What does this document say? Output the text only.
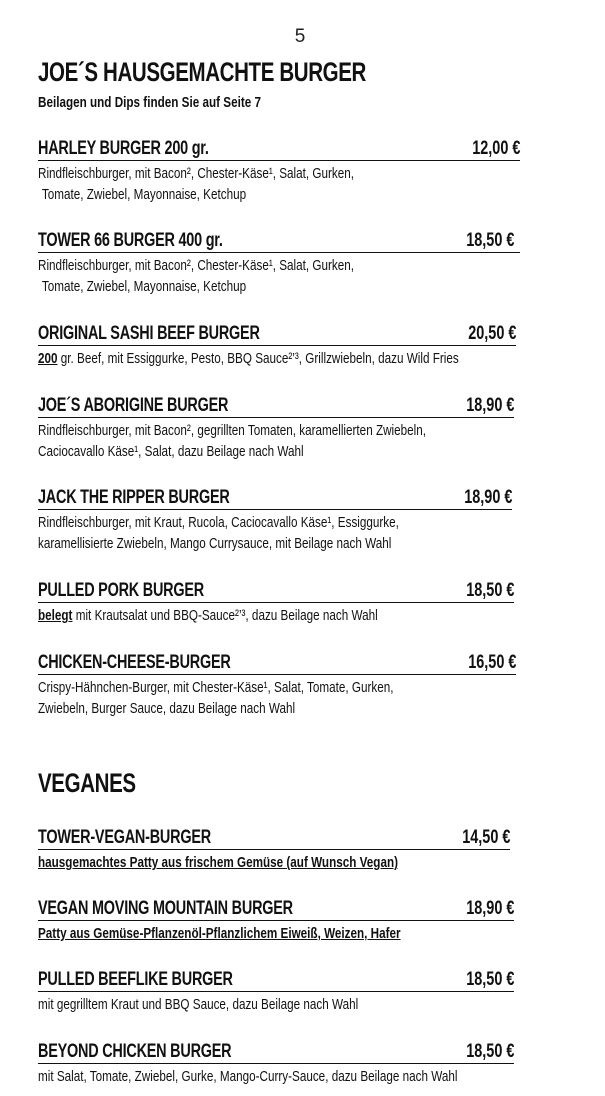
5
JOE´S HAUSGEMACHTE BURGER
Beilagen und Dips finden Sie auf Seite 7
HARLEY BURGER 200 gr.	12,00 €
Rindfleischburger, mit Bacon², Chester-Käse¹, Salat, Gurken,
Tomate, Zwiebel, Mayonnaise, Ketchup
TOWER 66 BURGER 400 gr.	18,50 €
Rindfleischburger, mit Bacon², Chester-Käse¹, Salat, Gurken,
Tomate, Zwiebel, Mayonnaise, Ketchup
ORIGINAL SASHI BEEF BURGER	20,50 €
200 gr. Beef, mit Essiggurke, Pesto, BBQ Sauce²’³, Grillzwiebeln, dazu Wild Fries
JOE´S ABORIGINE BURGER	18,90 €
Rindfleischburger, mit Bacon², gegrillten Tomaten, karamellierten Zwiebeln,
Caciocavallo Käse¹, Salat, dazu Beilage nach Wahl
JACK THE RIPPER BURGER	18,90 €
Rindfleischburger, mit Kraut, Rucola, Caciocavallo Käse¹, Essiggurke,
karamellisierte Zwiebeln, Mango Currysauce, mit Beilage nach Wahl
PULLED PORK BURGER	18,50 €
belegt mit Krautsalat und BBQ-Sauce²’³, dazu Beilage nach Wahl
CHICKEN-CHEESE-BURGER	16,50 €
Crispy-Hähnchen-Burger, mit Chester-Käse¹, Salat, Tomate, Gurken,
Zwiebeln, Burger Sauce, dazu Beilage nach Wahl
VEGANES
TOWER-VEGAN-BURGER	14,50 €
hausgemachtes Patty aus frischem Gemüse (auf Wunsch Vegan)
VEGAN MOVING MOUNTAIN BURGER	18,90 €
Patty aus Gemüse-Pflanzenöl-Pflanzlichem Eiweiß, Weizen, Hafer
PULLED BEEFLIKE BURGER	18,50 €
mit gegrilltem Kraut und BBQ Sauce, dazu Beilage nach Wahl
BEYOND CHICKEN BURGER	18,50 €
mit Salat, Tomate, Zwiebel, Gurke, Mango-Curry-Sauce, dazu Beilage nach Wahl
